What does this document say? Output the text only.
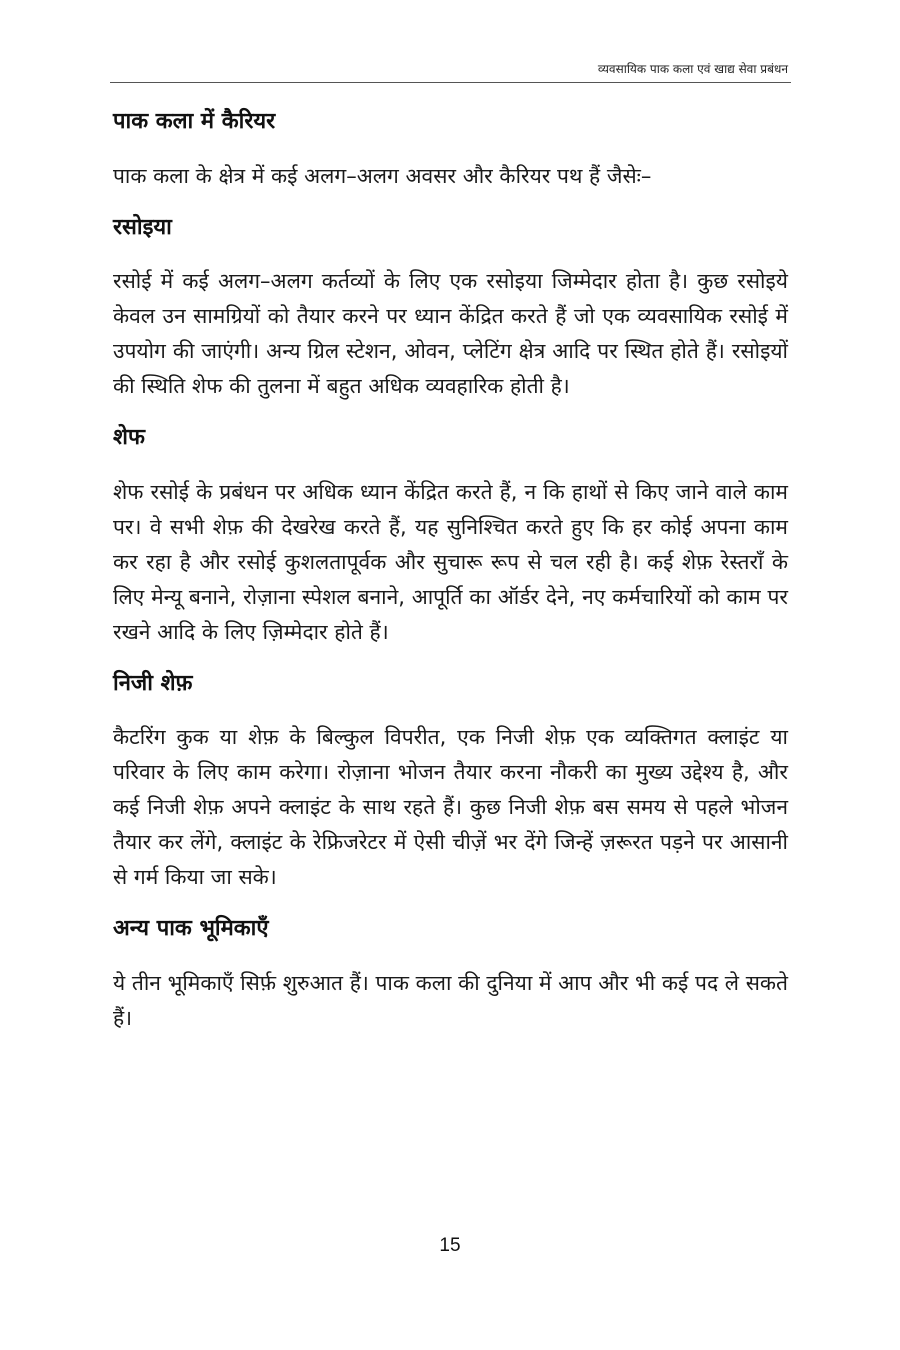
व्यवसायिक पाक कला एवं खाद्य सेवा प्रबंधन
पाक कला में कैरियर

पाक कला के क्षेत्र में कई अलग–अलग अवसर और कैरियर पथ हैं जैसेः–

रसोइया

रसोई में कई अलग–अलग कर्तव्यों के लिए एक रसोइया जिम्मेदार होता है। कुछ रसोइये केवल उन सामग्रियों को तैयार करने पर ध्यान केंद्रित करते हैं जो एक व्यवसायिक रसोई में उपयोग की जाएंगी। अन्य ग्रिल स्टेशन, ओवन, प्लेटिंग क्षेत्र आदि पर स्थित होते हैं। रसोइयों की स्थिति शेफ की तुलना में बहुत अधिक व्यवहारिक होती है।

शेफ

शेफ रसोई के प्रबंधन पर अधिक ध्यान केंद्रित करते हैं, न कि हाथों से किए जाने वाले काम पर। वे सभी शेफ़ की देखरेख करते हैं, यह सुनिश्चित करते हुए कि हर कोई अपना काम कर रहा है और रसोई कुशलतापूर्वक और सुचारू रूप से चल रही है। कई शेफ़ रेस्तराँ के लिए मेन्यू बनाने, रोज़ाना स्पेशल बनाने, आपूर्ति का ऑर्डर देने, नए कर्मचारियों को काम पर रखने आदि के लिए ज़िम्मेदार होते हैं।

निजी शेफ़

कैटरिंग कुक या शेफ़ के बिल्कुल विपरीत, एक निजी शेफ़ एक व्यक्तिगत क्लाइंट या परिवार के लिए काम करेगा। रोज़ाना भोजन तैयार करना नौकरी का मुख्य उद्देश्य है, और कई निजी शेफ़ अपने क्लाइंट के साथ रहते हैं। कुछ निजी शेफ़ बस समय से पहले भोजन तैयार कर लेंगे, क्लाइंट के रेफ्रिजरेटर में ऐसी चीज़ें भर देंगे जिन्हें ज़रूरत पड़ने पर आसानी से गर्म किया जा सके।

अन्य पाक भूमिकाएँ

ये तीन भूमिकाएँ सिर्फ़ शुरुआत हैं। पाक कला की दुनिया में आप और भी कई पद ले सकते हैं।

15
